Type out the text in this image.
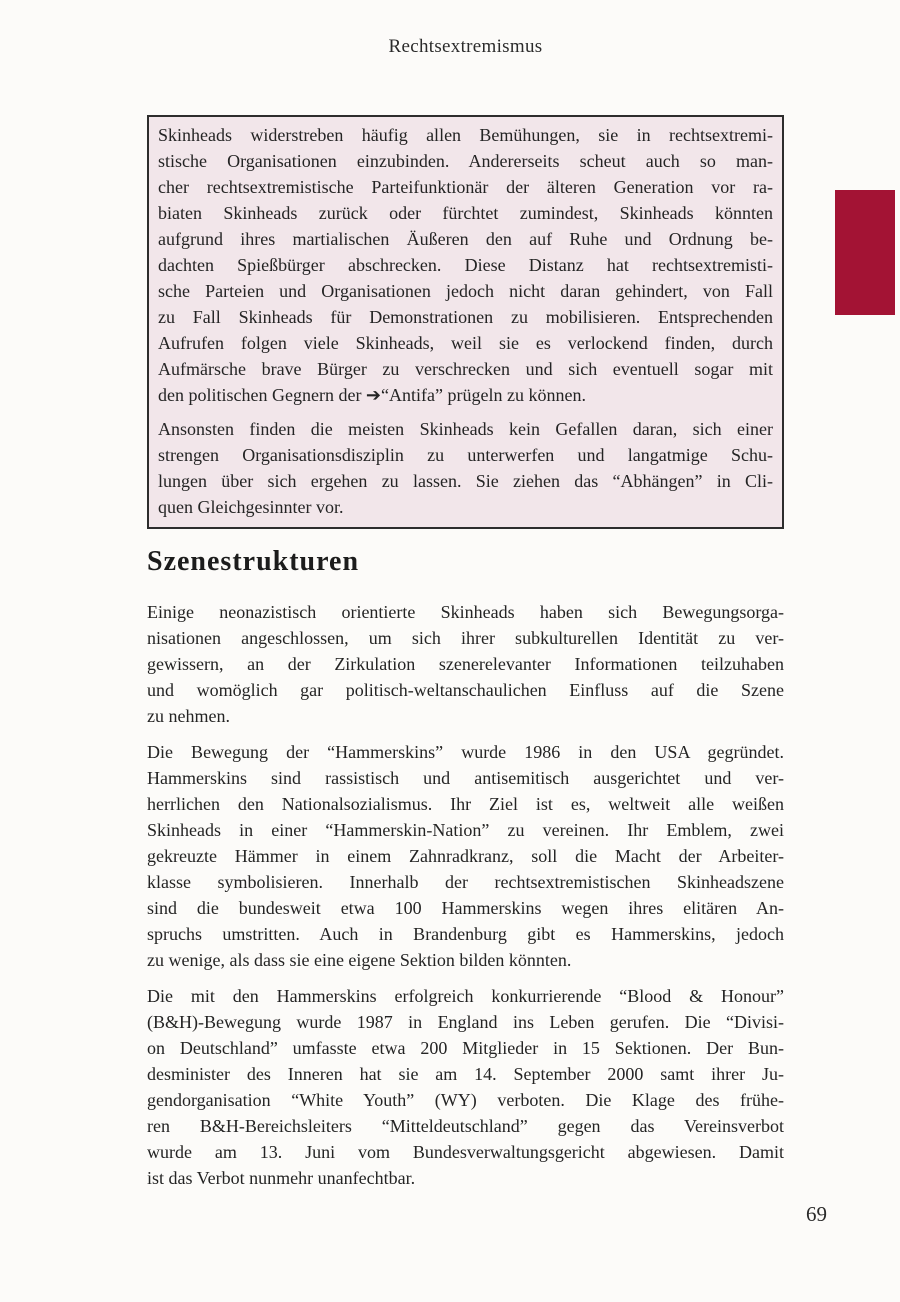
Rechtsextremismus
Skinheads widerstreben häufig allen Bemühungen, sie in rechtsextremi-
stische Organisationen einzubinden. Andererseits scheut auch so man-
cher rechtsextremistische Parteifunktionär der älteren Generation vor ra-
biaten Skinheads zurück oder fürchtet zumindest, Skinheads könnten
aufgrund ihres martialischen Äußeren den auf Ruhe und Ordnung be-
dachten Spießbürger abschrecken. Diese Distanz hat rechtsextremisti-
sche Parteien und Organisationen jedoch nicht daran gehindert, von Fall
zu Fall Skinheads für Demonstrationen zu mobilisieren. Entsprechenden
Aufrufen folgen viele Skinheads, weil sie es verlockend finden, durch
Aufmärsche brave Bürger zu verschrecken und sich eventuell sogar mit
den politischen Gegnern der ➔“Antifa” prügeln zu können.
Ansonsten finden die meisten Skinheads kein Gefallen daran, sich einer
strengen Organisationsdisziplin zu unterwerfen und langatmige Schu-
lungen über sich ergehen zu lassen. Sie ziehen das “Abhängen” in Cli-
quen Gleichgesinnter vor.
Szenestrukturen
Einige neonazistisch orientierte Skinheads haben sich Bewegungsorga-
nisationen angeschlossen, um sich ihrer subkulturellen Identität zu ver-
gewissern, an der Zirkulation szenerelevanter Informationen teilzuhaben
und womöglich gar politisch-weltanschaulichen Einfluss auf die Szene
zu nehmen.
Die Bewegung der “Hammerskins” wurde 1986 in den USA gegründet.
Hammerskins sind rassistisch und antisemitisch ausgerichtet und ver-
herrlichen den Nationalsozialismus. Ihr Ziel ist es, weltweit alle weißen
Skinheads in einer “Hammerskin-Nation” zu vereinen. Ihr Emblem, zwei
gekreuzte Hämmer in einem Zahnradkranz, soll die Macht der Arbeiter-
klasse symbolisieren. Innerhalb der rechtsextremistischen Skinheadszene
sind die bundesweit etwa 100 Hammerskins wegen ihres elitären An-
spruchs umstritten. Auch in Brandenburg gibt es Hammerskins, jedoch
zu wenige, als dass sie eine eigene Sektion bilden könnten.
Die mit den Hammerskins erfolgreich konkurrierende “Blood & Honour”
(B&H)-Bewegung wurde 1987 in England ins Leben gerufen. Die “Divisi-
on Deutschland” umfasste etwa 200 Mitglieder in 15 Sektionen. Der Bun-
desminister des Inneren hat sie am 14. September 2000 samt ihrer Ju-
gendorganisation “White Youth” (WY) verboten. Die Klage des frühe-
ren B&H-Bereichsleiters “Mitteldeutschland” gegen das Vereinsverbot
wurde am 13. Juni vom Bundesverwaltungsgericht abgewiesen. Damit
ist das Verbot nunmehr unanfechtbar.
69
